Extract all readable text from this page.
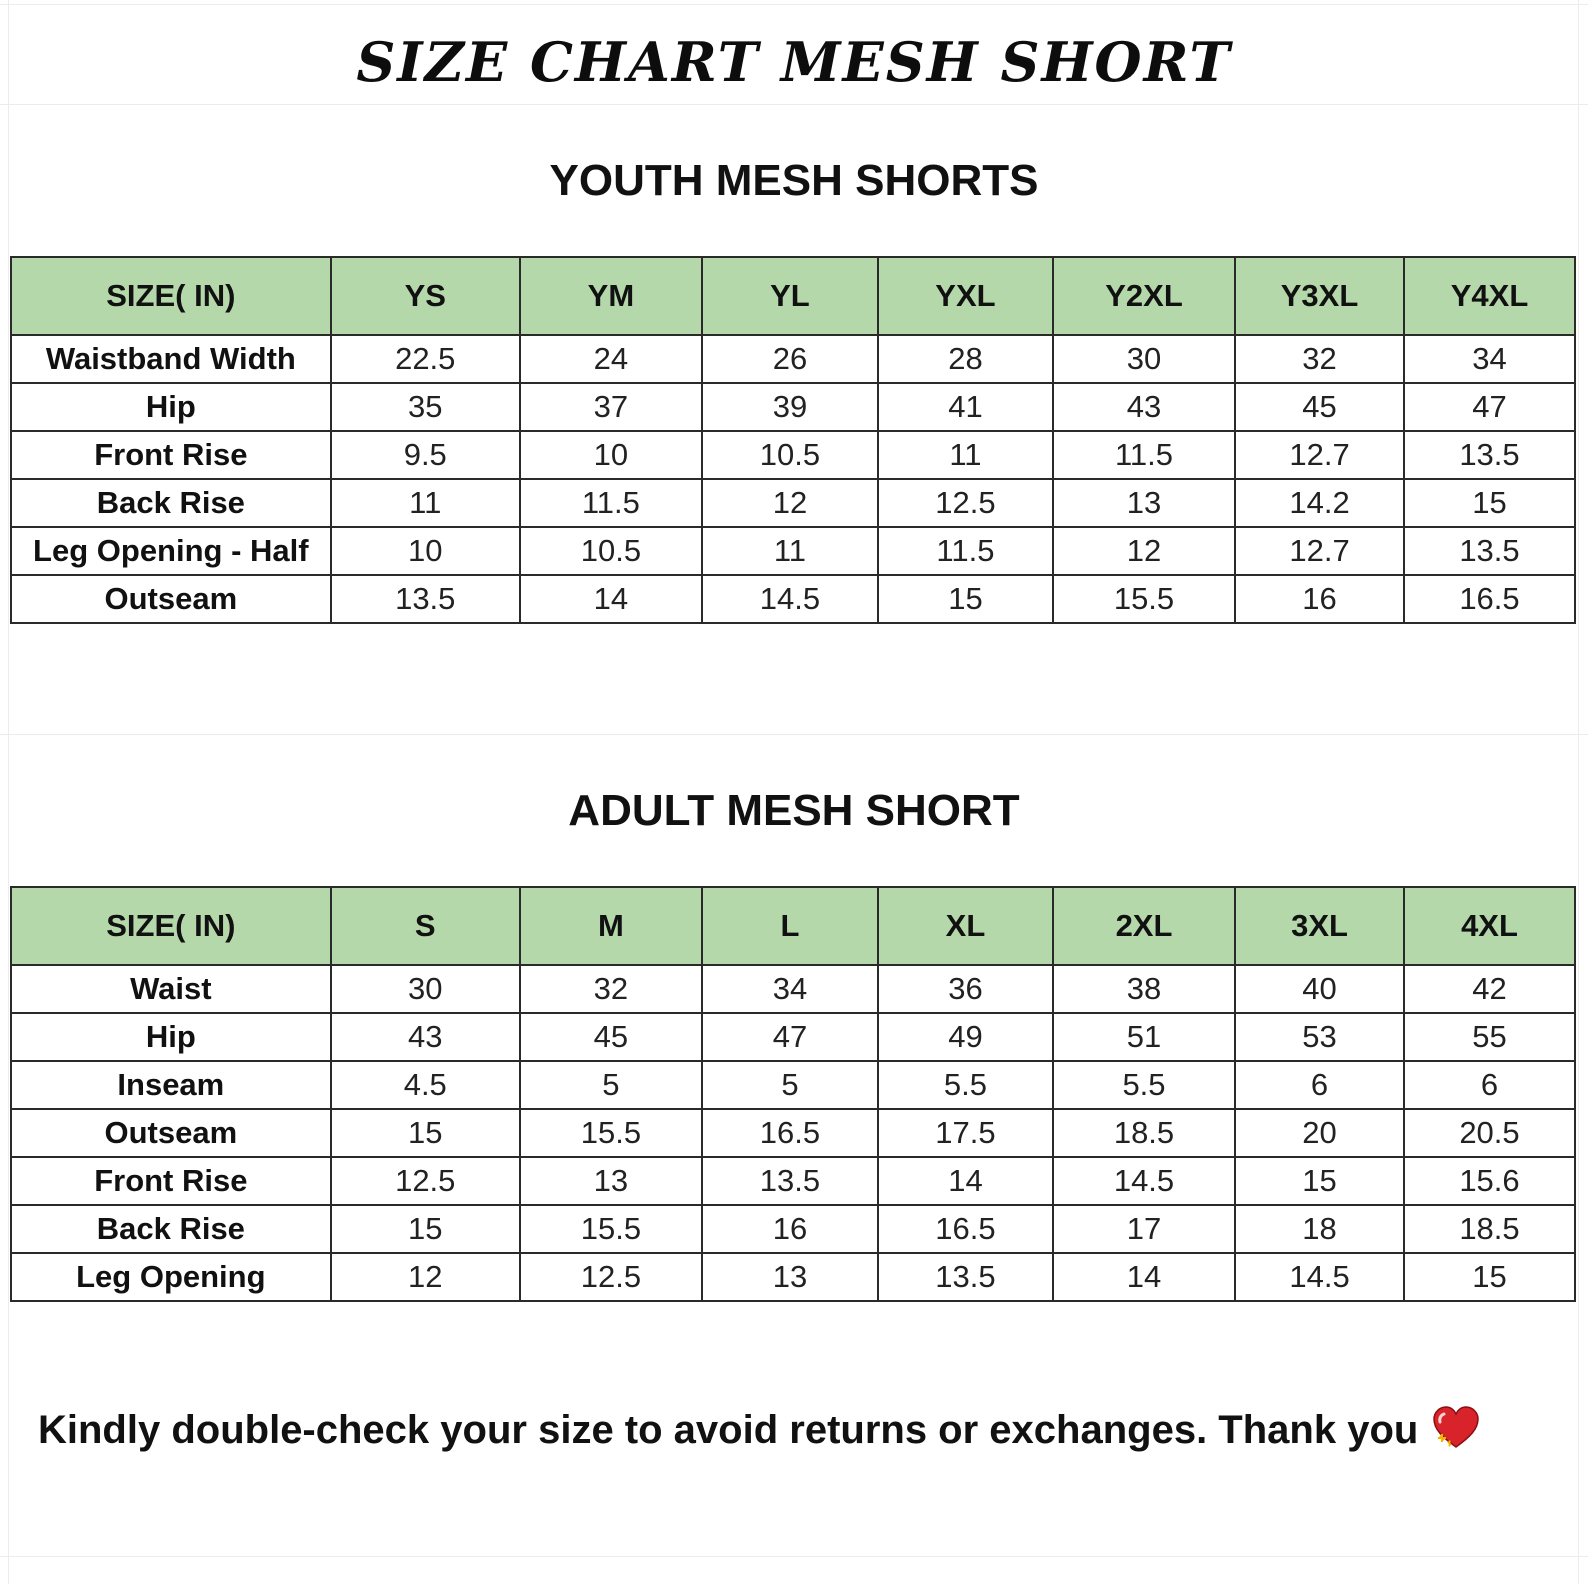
SIZE CHART MESH SHORT
YOUTH MESH SHORTS
SIZE( IN)	YS	YM	YL	YXL	Y2XL	Y3XL	Y4XL
Waistband Width	22.5	24	26	28	30	32	34
Hip	35	37	39	41	43	45	47
Front Rise	9.5	10	10.5	11	11.5	12.7	13.5
Back Rise	11	11.5	12	12.5	13	14.2	15
Leg Opening - Half	10	10.5	11	11.5	12	12.7	13.5
Outseam	13.5	14	14.5	15	15.5	16	16.5
ADULT MESH SHORT
SIZE( IN)	S	M	L	XL	2XL	3XL	4XL
Waist	30	32	34	36	38	40	42
Hip	43	45	47	49	51	53	55
Inseam	4.5	5	5	5.5	5.5	6	6
Outseam	15	15.5	16.5	17.5	18.5	20	20.5
Front Rise	12.5	13	13.5	14	14.5	15	15.6
Back Rise	15	15.5	16	16.5	17	18	18.5
Leg Opening	12	12.5	13	13.5	14	14.5	15
Kindly double-check your size to avoid returns or exchanges. Thank you
